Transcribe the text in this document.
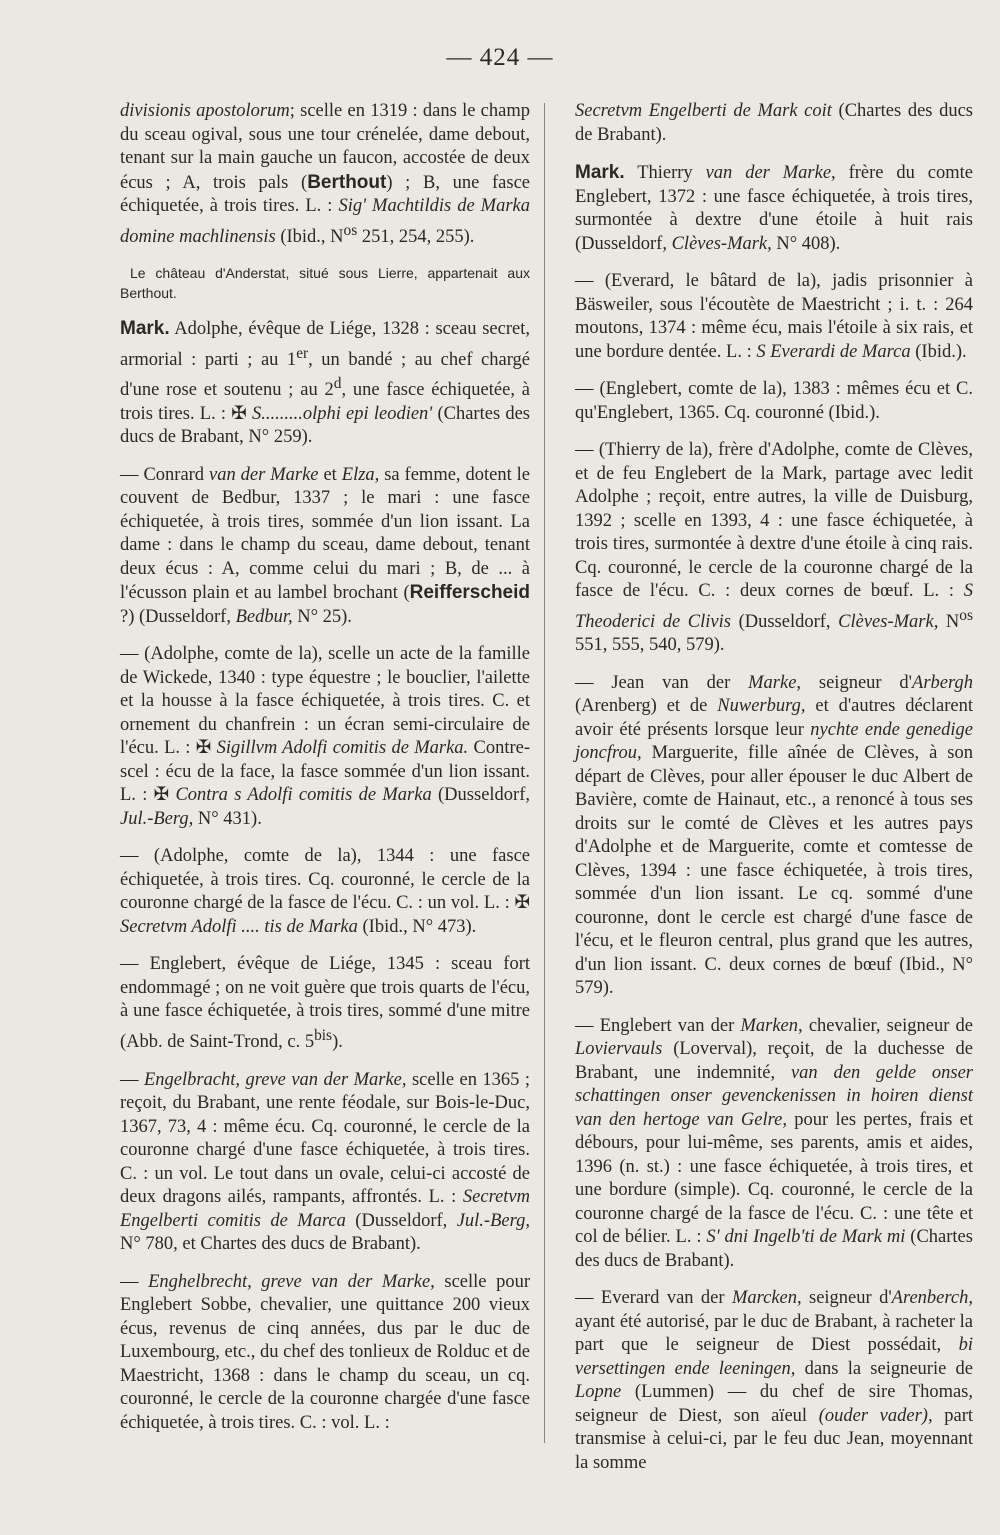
— 424 —

divisionis apostolorum; scelle en 1319 : dans le champ du sceau ogival, sous une tour crénelée, dame debout, tenant sur la main gauche un faucon, accostée de deux écus ; A, trois pals (Berthout) ; B, une fasce échiquetée, à trois tires. L. : Sig' Machtildis de Marka domine machlinensis (Ibid., $N^{os}$ 251, 254, 255).

Le château d'Anderstat, situé sous Lierre, appartenait aux Berthout.

Mark. Adolphe, évêque de Liége, 1328 : sceau secret, armorial : parti ; au 1er, un bandé ; au chef chargé d'une rose et soutenu ; au 2$^d$, une fasce échiquetée, à trois tires. L. : ✠ S.........olphi epi leodien' (Chartes des ducs de Brabant, N° 259).

— Conrard van der Marke et Elza, sa femme, dotent le couvent de Bedbur, 1337 ; le mari : une fasce échiquetée, à trois tires, sommée d'un lion issant. La dame : dans le champ du sceau, dame debout, tenant deux écus : A, comme celui du mari ; B, de ... à l'écusson plain et au lambel brochant (Reifferscheid ?) (Dusseldorf, Bedbur, N° 25).
— (Adolphe, comte de la), scelle un acte de la famille de Wickede, 1340 : type équestre ; le bouclier, l'ailette et la housse à la fasce échiquetée, à trois tires. C. et ornement du chanfrein : un écran semi-circulaire de l'écu. L. : ✠ Sigillvm Adolfi comitis de Marka. Contre-scel : écu de la face, la fasce sommée d'un lion issant. L. : ✠ Contra s Adolfi comitis de Marka (Dusseldorf, Jul.-Berg, N° 431).
— (Adolphe, comte de la), 1344 : une fasce échiquetée, à trois tires. Cq. couronné, le cercle de la couronne chargé de la fasce de l'écu. C. : un vol. L. : ✠ Secretvm Adolfi .... tis de Marka (Ibid., N° 473).
— Englebert, évêque de Liége, 1345 : sceau fort endommagé ; on ne voit guère que trois quarts de l'écu, à une fasce échiquetée, à trois tires, sommé d'une mitre (Abb. de Saint-Trond, c. $5^{bis}$).
— Engelbracht, greve van der Marke, scelle en 1365 ; reçoit, du Brabant, une rente féodale, sur Bois-le-Duc, 1367, 73, 4 : même écu. Cq. couronné, le cercle de la couronne chargé d'une fasce échiquetée, à trois tires. C. : un vol. Le tout dans un ovale, celui-ci accosté de deux dragons ailés, rampants, affrontés. L. : Secretvm Engelberti comitis de Marca (Dusseldorf, Jul.-Berg, N° 780, et Chartes des ducs de Brabant).
— Enghelbrecht, greve van der Marke, scelle pour Englebert Sobbe, chevalier, une quittance 200 vieux écus, revenus de cinq années, dus par le duc de Luxembourg, etc., du chef des tonlieux de Rolduc et de Maestricht, 1368 : dans le champ du sceau, un cq. couronné, le cercle de la couronne chargée d'une fasce échiquetée, à trois tires. C. : vol. L. :
Secretvm Engelberti de Mark coit (Chartes des ducs de Brabant).
Mark. Thierry van der Marke, frère du comte Englebert, 1372 : une fasce échiquetée, à trois tires, surmontée à dextre d'une étoile à huit rais (Dusseldorf, Clèves-Mark, N° 408).
— (Everard, le bâtard de la), jadis prisonnier à Bäsweiler, sous l'écoutète de Maestricht ; i. t. : 264 moutons, 1374 : même écu, mais l'étoile à six rais, et une bordure dentée. L. : S Everardi de Marca (Ibid.).
— (Englebert, comte de la), 1383 : mêmes écu et C. qu'Englebert, 1365. Cq. couronné (Ibid.).
— (Thierry de la), frère d'Adolphe, comte de Clèves, et de feu Englebert de la Mark, partage avec ledit Adolphe ; reçoit, entre autres, la ville de Duisburg, 1392 ; scelle en 1393, 4 : une fasce échiquetée, à trois tires, surmontée à dextre d'une étoile à cinq rais. Cq. couronné, le cercle de la couronne chargé de la fasce de l'écu. C. : deux cornes de bœuf. L. : S Theoderici de Clivis (Dusseldorf, Clèves-Mark, $N^{os}$ 551, 555, 540, 579).
— Jean van der Marke, seigneur d'Arbergh (Arenberg) et de Nuwerburg, et d'autres déclarent avoir été présents lorsque leur nychte ende genedige joncfrou, Marguerite, fille aînée de Clèves, à son départ de Clèves, pour aller épouser le duc Albert de Bavière, comte de Hainaut, etc., a renoncé à tous ses droits sur le comté de Clèves et les autres pays d'Adolphe et de Marguerite, comte et comtesse de Clèves, 1394 : une fasce échiquetée, à trois tires, sommée d'un lion issant. Le cq. sommé d'une couronne, dont le cercle est chargé d'une fasce de l'écu, et le fleuron central, plus grand que les autres, d'un lion issant. C. deux cornes de bœuf (Ibid., N° 579).
— Englebert van der Marken, chevalier, seigneur de Loviervauls (Loverval), reçoit, de la duchesse de Brabant, une indemnité, van den gelde onser schattingen onser gevenckenissen in hoiren dienst van den hertoge van Gelre, pour les pertes, frais et débours, pour lui-même, ses parents, amis et aides, 1396 (n. st.) : une fasce échiquetée, à trois tires, et une bordure (simple). Cq. couronné, le cercle de la couronne chargé de la fasce de l'écu. C. : une tête et col de bélier. L. : S' dni Ingelb'ti de Mark mi (Chartes des ducs de Brabant).
— Everard van der Marcken, seigneur d'Arenberch, ayant été autorisé, par le duc de Brabant, à racheter la part que le seigneur de Diest possédait, bi versettingen ende leeningen, dans la seigneurie de Lopne (Lummen) — du chef de sire Thomas, seigneur de Diest, son aïeul (ouder vader), part transmise à celui-ci, par le feu duc Jean, moyennant la somme
